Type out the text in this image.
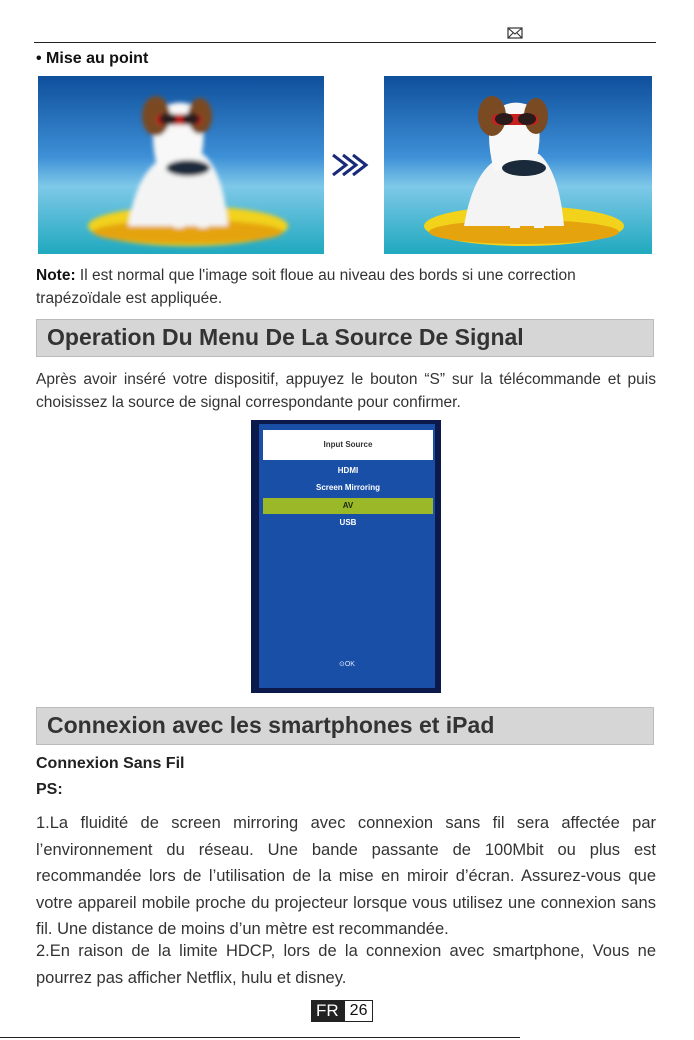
• Mise au point
Note: Il est normal que l'image soit floue au niveau des bords si une correction trapézoïdale est appliquée.
Operation Du Menu De La Source De Signal
Après avoir inséré votre dispositif, appuyez le bouton “S” sur la télécommande et puis choisissez la source de signal correspondante pour confirmer.
Input Source
HDMI
Screen Mirroring
AV
USB
⊙OK
Connexion avec les smartphones et iPad
Connexion Sans Fil
PS:
1.La fluidité de screen mirroring avec connexion sans fil sera affectée par l’environnement du réseau. Une bande passante de 100Mbit ou plus est recommandée lors de l’utilisation de la mise en miroir d’écran. Assurez-vous que votre appareil mobile proche du projecteur lorsque vous utilisez une connexion sans fil. Une distance de moins d’un mètre est recommandée.
2.En raison de la limite HDCP, lors de la connexion avec smartphone, Vous ne pourrez pas afficher Netflix, hulu et disney.
FR 26
